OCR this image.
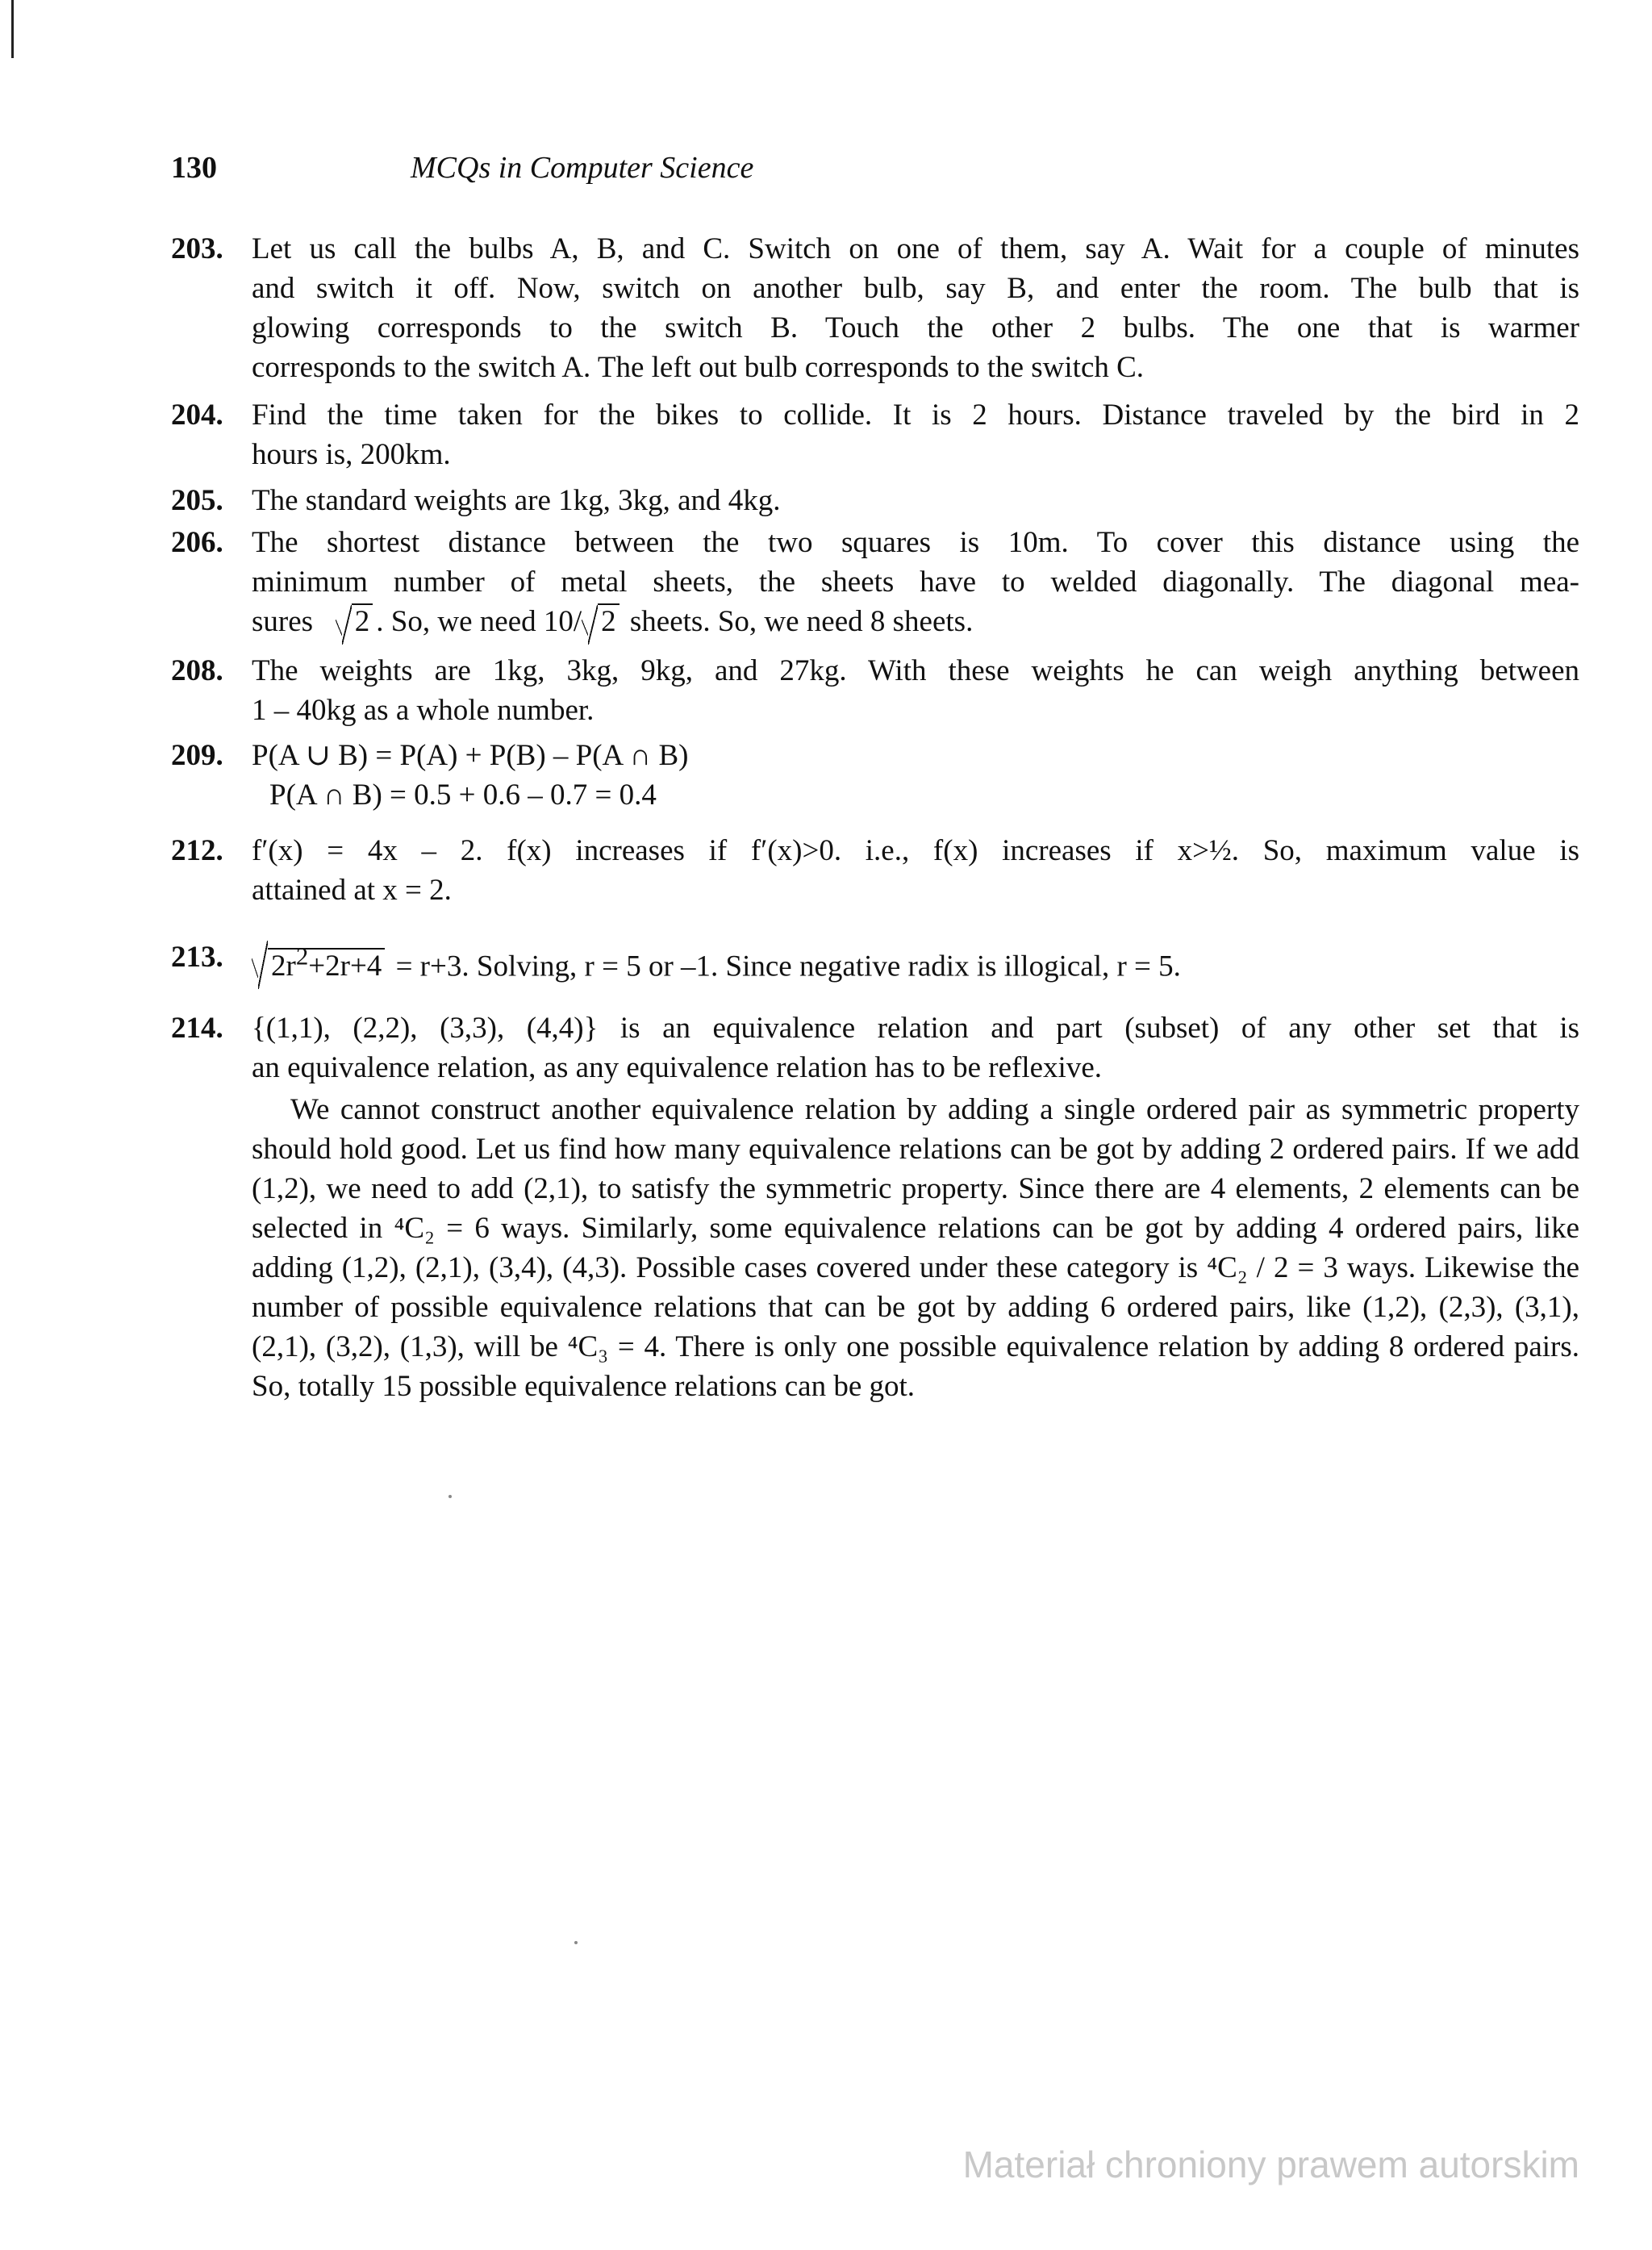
130	MCQs in Computer Science
203. Let us call the bulbs A, B, and C. Switch on one of them, say A. Wait for a couple of minutes
and switch it off. Now, switch on another bulb, say B, and enter the room. The bulb that is
glowing corresponds to the switch B. Touch the other 2 bulbs. The one that is warmer
corresponds to the switch A. The left out bulb corresponds to the switch C.
204. Find the time taken for the bikes to collide. It is 2 hours. Distance traveled by the bird in 2
hours is, 200km.
205. The standard weights are 1kg, 3kg, and 4kg.
206. The shortest distance between the two squares is 10m. To cover this distance using the
minimum number of metal sheets, the sheets have to welded diagonally. The diagonal mea-
sures 2 . So, we need 10/ 2 sheets. So, we need 8 sheets.
208. The weights are 1kg, 3kg, 9kg, and 27kg. With these weights he can weigh anything between
1 – 40kg as a whole number.
209. P(A ∪ B) = P(A) + P(B) – P(A ∩ B)
P(A ∩ B) = 0.5 + 0.6 – 0.7 = 0.4
212. f′(x) = 4x – 2. f(x) increases if f′(x)>0. i.e., f(x) increases if x>½. So, maximum value is
attained at x = 2.
213.	$2r^2+2r+4 = r+3$. Solving, r = 5 or –1. Since negative radix is illogical, r = 5.
214. {(1,1), (2,2), (3,3), (4,4)} is an equivalence relation and part (subset) of any other set that is
an equivalence relation, as any equivalence relation has to be reflexive.
We cannot construct another equivalence relation by adding a single ordered pair as symmetric property should hold good. Let us find how many equivalence relations can be got by adding 2 ordered pairs. If we add (1,2), we need to add (2,1), to satisfy the symmetric property. Since there are 4 elements, 2 elements can be selected in ⁴C₂ = 6 ways. Similarly, some equivalence relations can be got by adding 4 ordered pairs, like adding (1,2), (2,1), (3,4), (4,3). Possible cases covered under these category is ⁴C₂ / 2 = 3 ways. Likewise the number of possible equivalence relations that can be got by adding 6 ordered pairs, like (1,2), (2,3), (3,1), (2,1), (3,2), (1,3), will be ⁴C₃ = 4. There is only one possible equivalence relation by adding 8 ordered pairs. So, totally 15 possible equivalence relations can be got.
Materiał chroniony prawem autorskim
